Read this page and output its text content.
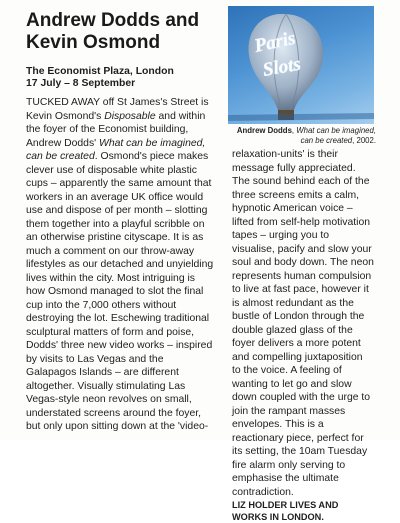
Andrew Dodds and
Kevin Osmond
The Economist Plaza, London
17 July – 8 September

TUCKED AWAY off St James's Street is Kevin Osmond's Disposable and within the foyer of the Economist building, Andrew Dodds' What can be imagined, can be created. Osmond's piece makes clever use of disposable white plastic cups – apparently the same amount that workers in an average UK office would use and dispose of per month – slotting them together into a playful scribble on an otherwise pristine cityscape. It is as much a comment on our throw-away lifestyles as our detached and unyielding lives within the city. Most intriguing is how Osmond managed to slot the final cup into the 7,000 others without destroying the lot. Eschewing traditional sculptural matters of form and poise, Dodds' three new video works – inspired by visits to Las Vegas and the Galapagos Islands – are different altogether. Visually stimulating Las Vegas-style neon revolves on small, understated screens around the foyer, but only upon sitting down at the 'video-

Paris
Slots
Andrew Dodds, What can be imagined, can be created, 2002.

relaxation-units' is their message fully appreciated. The sound behind each of the three screens emits a calm, hypnotic American voice – lifted from self-help motivation tapes – urging you to visualise, pacify and slow your soul and body down. The neon represents human compulsion to live at fast pace, however it is almost redundant as the bustle of London through the double glazed glass of the foyer delivers a more potent and compelling juxtaposition to the voice. A feeling of wanting to let go and slow down coupled with the urge to join the rampant masses envelopes. This is a reactionary piece, perfect for its setting, the 10am Tuesday fire alarm only serving to emphasise the ultimate contradiction.

LIZ HOLDER LIVES AND WORKS IN LONDON.
